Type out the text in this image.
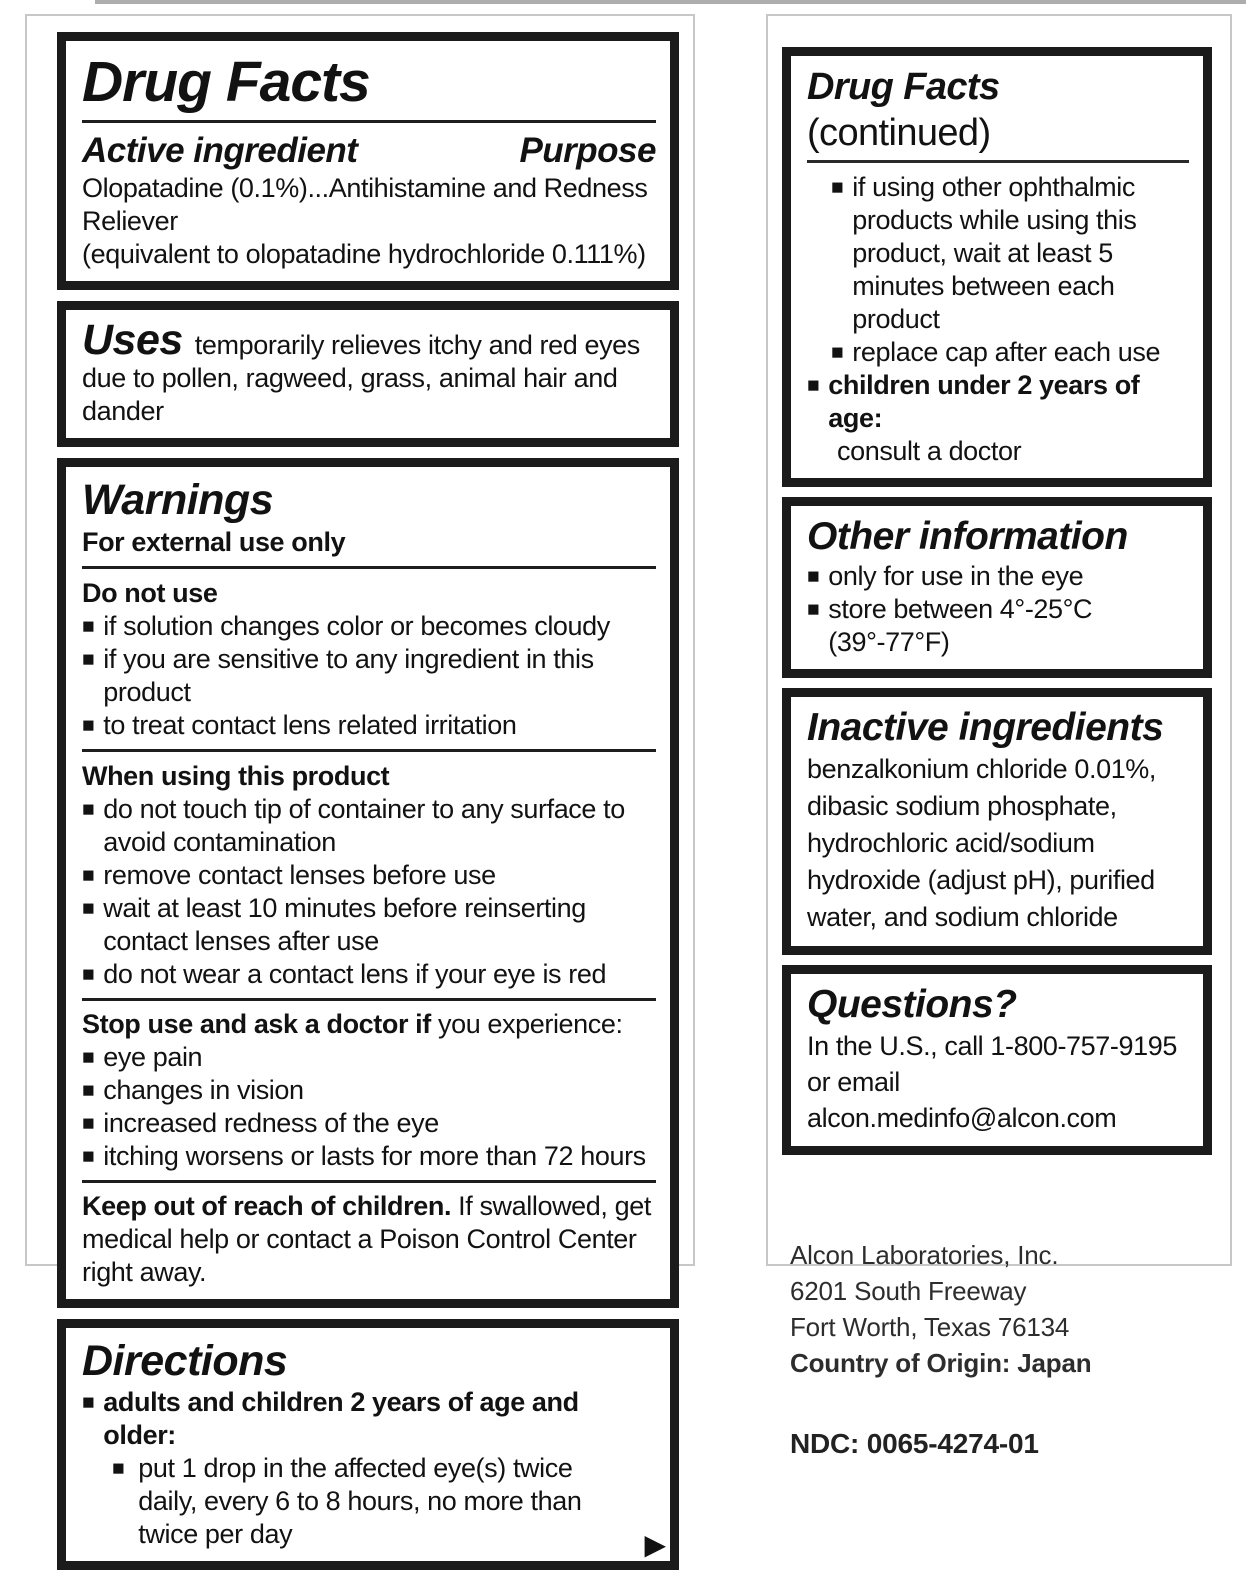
Drug Facts
Active ingredient	Purpose
Olopatadine (0.1%)...Antihistamine and Redness Reliever
(equivalent to olopatadine hydrochloride 0.111%)
Uses temporarily relieves itchy and red eyes due to pollen, ragweed, grass, animal hair and dander
Warnings
For external use only
Do not use
■ if solution changes color or becomes cloudy
■ if you are sensitive to any ingredient in this product
■ to treat contact lens related irritation
When using this product
■ do not touch tip of container to any surface to avoid contamination
■ remove contact lenses before use
■ wait at least 10 minutes before reinserting contact lenses after use
■ do not wear a contact lens if your eye is red
Stop use and ask a doctor if you experience:
■ eye pain
■ changes in vision
■ increased redness of the eye
■ itching worsens or lasts for more than 72 hours
Keep out of reach of children. If swallowed, get medical help or contact a Poison Control Center right away.
Directions
■ adults and children 2 years of age and older:
■ put 1 drop in the affected eye(s) twice daily, every 6 to 8 hours, no more than twice per day	▶
Drug Facts (continued)
■ if using other ophthalmic products while using this product, wait at least 5 minutes between each product
■ replace cap after each use
■ children under 2 years of age:
consult a doctor
Other information
■ only for use in the eye
■ store between 4°-25°C (39°-77°F)
Inactive ingredients
benzalkonium chloride 0.01%, dibasic sodium phosphate, hydrochloric acid/sodium hydroxide (adjust pH), purified water, and sodium chloride
Questions?
In the U.S., call 1-800-757-9195 or email alcon.medinfo@alcon.com
Alcon Laboratories, Inc.
6201 South Freeway
Fort Worth, Texas 76134
Country of Origin: Japan
NDC: 0065-4274-01
